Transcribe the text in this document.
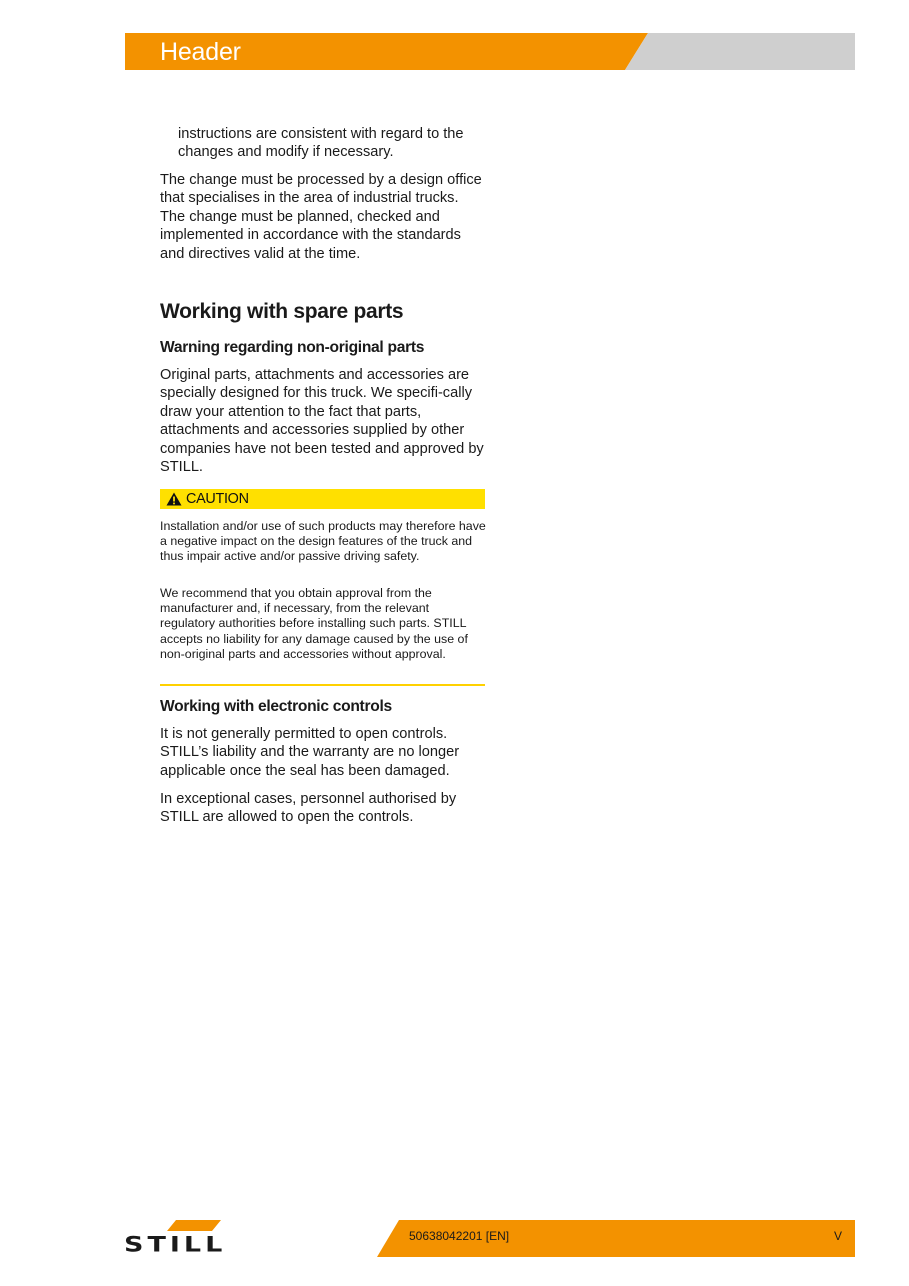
Header

instructions are consistent with regard to the changes and modify if necessary.

The change must be processed by a design office that specialises in the area of industrial trucks. The change must be planned, checked and implemented in accordance with the standards and directives valid at the time.

Working with spare parts
Warning regarding non-original parts

Original parts, attachments and accessories are specially designed for this truck. We specifi-cally draw your attention to the fact that parts, attachments and accessories supplied by other companies have not been tested and approved by STILL.

CAUTION

Installation and/or use of such products may therefore have a negative impact on the design features of the truck and thus impair active and/or passive driving safety.

We recommend that you obtain approval from the manufacturer and, if necessary, from the relevant regulatory authorities before installing such parts. STILL accepts no liability for any damage caused by the use of non-original parts and accessories without approval.

Working with electronic controls

It is not generally permitted to open controls. STILL’s liability and the warranty are no longer applicable once the seal has been damaged.

In exceptional cases, personnel authorised by STILL are allowed to open the controls.

STILL	50638042201 [EN]	V
